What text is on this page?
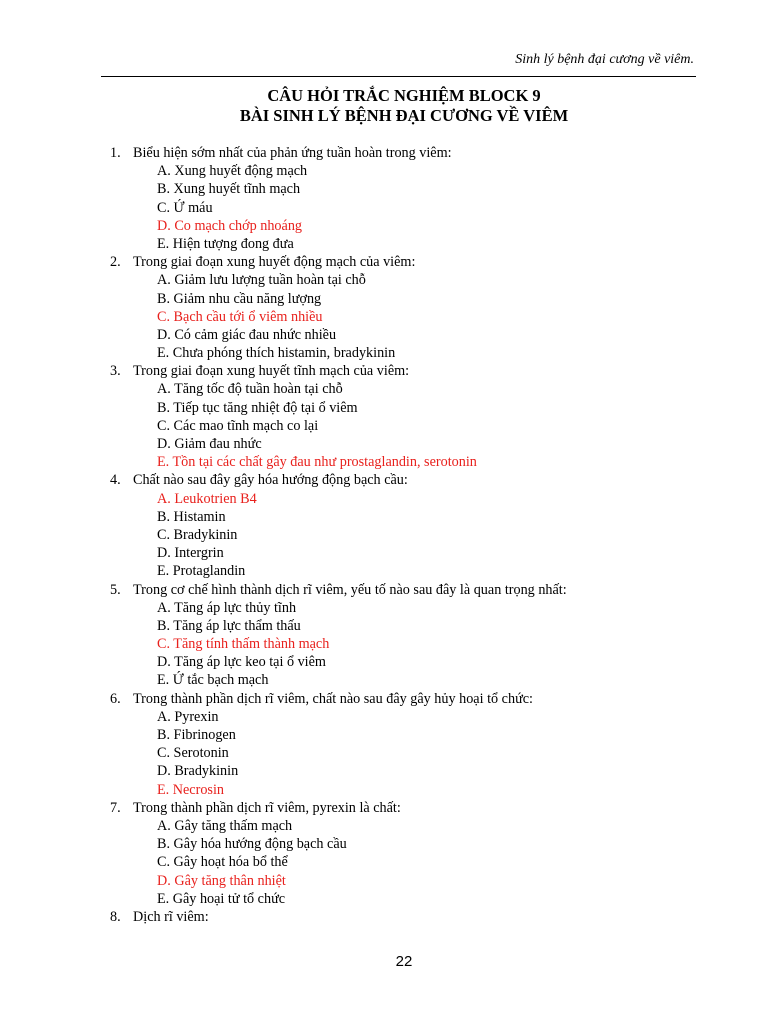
Sinh lý bệnh đại cương về viêm.
CÂU HỎI TRẮC NGHIỆM BLOCK 9
BÀI SINH LÝ BỆNH ĐẠI CƯƠNG VỀ VIÊM
1. Biểu hiện sớm nhất của phản ứng tuần hoàn trong viêm:
A. Xung huyết động mạch
B. Xung huyết tĩnh mạch
C. Ứ máu
D. Co mạch chớp nhoáng
E. Hiện tượng đong đưa
2. Trong giai đoạn xung huyết động mạch của viêm:
A. Giảm lưu lượng tuần hoàn tại chỗ
B. Giảm nhu cầu năng lượng
C. Bạch cầu tới ổ viêm nhiều
D. Có cảm giác đau nhức nhiều
E. Chưa phóng thích histamin, bradykinin
3. Trong giai đoạn xung huyết tĩnh mạch của viêm:
A. Tăng tốc độ tuần hoàn tại chỗ
B. Tiếp tục tăng nhiệt độ tại ổ viêm
C. Các mao tĩnh mạch co lại
D. Giảm đau nhức
E. Tồn tại các chất gây đau như prostaglandin, serotonin
4. Chất nào sau đây gây hóa hướng động bạch cầu:
A. Leukotrien B4
B. Histamin
C. Bradykinin
D. Intergrin
E. Protaglandin
5. Trong cơ chế hình thành dịch rĩ viêm, yếu tố nào sau đây là quan trọng nhất:
A. Tăng áp lực thủy tĩnh
B. Tăng áp lực thẩm thấu
C. Tăng tính thấm thành mạch
D. Tăng áp lực keo tại ổ viêm
E. Ứ tắc bạch mạch
6. Trong thành phần dịch rĩ viêm, chất nào sau đây gây hủy hoại tổ chức:
A. Pyrexin
B. Fibrinogen
C. Serotonin
D. Bradykinin
E. Necrosin
7. Trong thành phần dịch rĩ viêm, pyrexin là chất:
A. Gây tăng thấm mạch
B. Gây hóa hướng động bạch cầu
C. Gây hoạt hóa bổ thể
D. Gây tăng thân nhiệt
E. Gây hoại tử tổ chức
8. Dịch rĩ viêm:
22
